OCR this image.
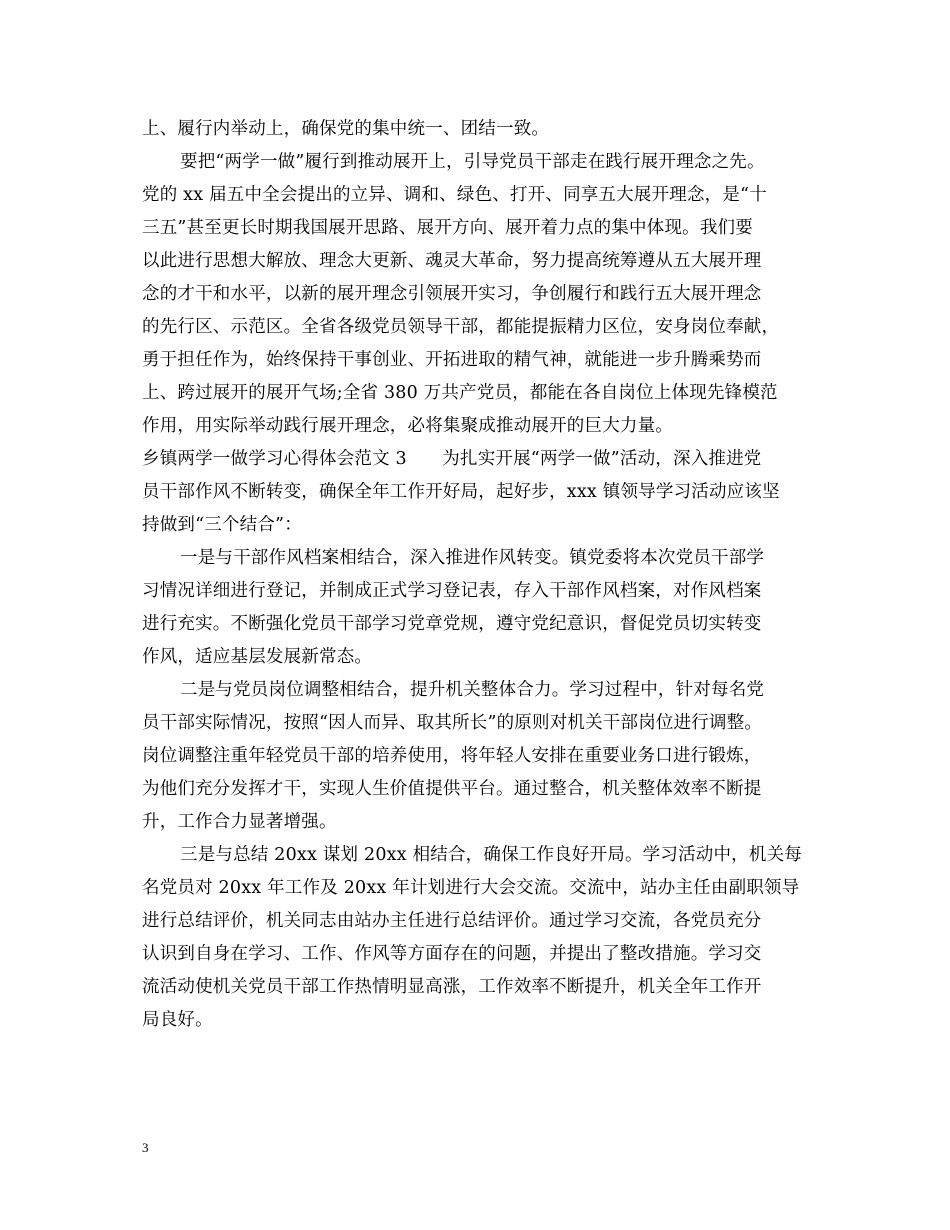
上、履行内举动上，确保党的集中统一、团结一致。
要把“两学一做”履行到推动展开上，引导党员干部走在践行展开理念之先。
党的 xx 届五中全会提出的立异、调和、绿色、打开、同享五大展开理念，是“十
三五”甚至更长时期我国展开思路、展开方向、展开着力点的集中体现。我们要
以此进行思想大解放、理念大更新、魂灵大革命，努力提高统筹遵从五大展开理
念的才干和水平，以新的展开理念引领展开实习，争创履行和践行五大展开理念
的先行区、示范区。全省各级党员领导干部，都能提振精力区位，安身岗位奉献，
勇于担任作为，始终保持干事创业、开拓进取的精气神，就能进一步升腾乘势而
上、跨过展开的展开气场;全省 380 万共产党员，都能在各自岗位上体现先锋模范
作用，用实际举动践行展开理念，必将集聚成推动展开的巨大力量。
乡镇两学一做学习心得体会范文 3　　为扎实开展“两学一做”活动，深入推进党
员干部作风不断转变，确保全年工作开好局，起好步，xxx 镇领导学习活动应该坚
持做到“三个结合”：
一是与干部作风档案相结合，深入推进作风转变。镇党委将本次党员干部学
习情况详细进行登记，并制成正式学习登记表，存入干部作风档案，对作风档案
进行充实。不断强化党员干部学习党章党规，遵守党纪意识，督促党员切实转变
作风，适应基层发展新常态。
二是与党员岗位调整相结合，提升机关整体合力。学习过程中，针对每名党
员干部实际情况，按照“因人而异、取其所长”的原则对机关干部岗位进行调整。
岗位调整注重年轻党员干部的培养使用，将年轻人安排在重要业务口进行锻炼，
为他们充分发挥才干，实现人生价值提供平台。通过整合，机关整体效率不断提
升，工作合力显著增强。
三是与总结 20xx 谋划 20xx 相结合，确保工作良好开局。学习活动中，机关每
名党员对 20xx 年工作及 20xx 年计划进行大会交流。交流中，站办主任由副职领导
进行总结评价，机关同志由站办主任进行总结评价。通过学习交流，各党员充分
认识到自身在学习、工作、作风等方面存在的问题，并提出了整改措施。学习交
流活动使机关党员干部工作热情明显高涨，工作效率不断提升，机关全年工作开
局良好。
3
